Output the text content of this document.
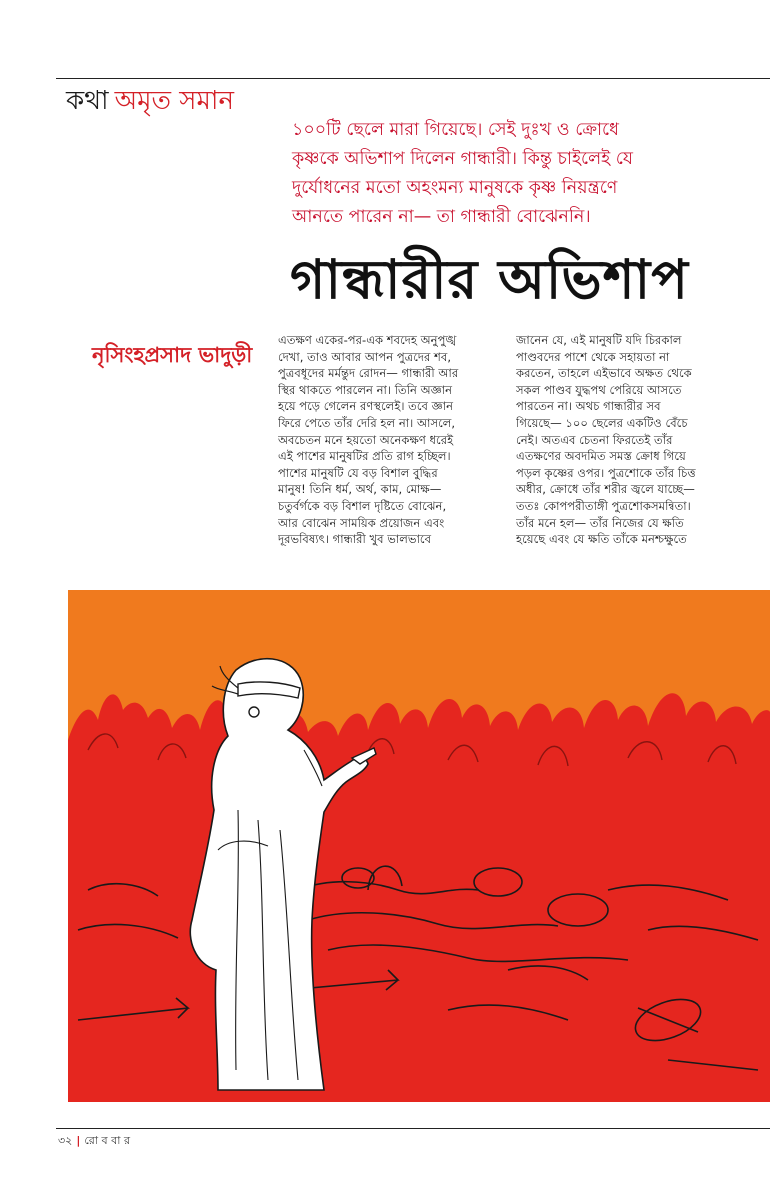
কথা অমৃত সমান

১০০টি ছেলে মারা গিয়েছে। সেই দুঃখ ও ক্রোধে

কৃষ্ণকে অভিশাপ দিলেন গান্ধারী। কিন্তু চাইলেই যে

দুর্যোধনের মতো অহংমন্য মানুষকে কৃষ্ণ নিয়ন্ত্রণে

আনতে পারেন না— তা গান্ধারী বোঝেননি।

গান্ধারীর অভিশাপ
নৃসিংহপ্রসাদ ভাদুড়ী

এতক্ষণ একের-পর-এক শবদেহ অনুপুঙ্খ

দেখা, তাও আবার আপন পুত্রদের শব,

পুত্রবধূদের মর্মন্তুদ রোদন— গান্ধারী আর

স্থির থাকতে পারলেন না। তিনি অজ্ঞান

হয়ে পড়ে গেলেন রণস্থলেই। তবে জ্ঞান

ফিরে পেতে তাঁর দেরি হল না। আসলে,

অবচেতন মনে হয়তো অনেকক্ষণ ধরেই

এই পাশের মানুষটির প্রতি রাগ হচ্ছিল।

পাশের মানুষটি যে বড় বিশাল বুদ্ধির

মানুষ! তিনি ধর্ম, অর্থ, কাম, মোক্ষ—

চতুর্বর্গকে বড় বিশাল দৃষ্টিতে বোঝেন,

আর বোঝেন সাময়িক প্রয়োজন এবং

দূরভবিষ্যৎ। গান্ধারী খুব ভালভাবে

জানেন যে, এই মানুষটি যদি চিরকাল

পাণ্ডবদের পাশে থেকে সহায়তা না

করতেন, তাহলে এইভাবে অক্ষত থেকে

সকল পাণ্ডব যুদ্ধপথ পেরিয়ে আসতে

পারতেন না। অথচ গান্ধারীর সব

গিয়েছে— ১০০ ছেলের একটিও বেঁচে

নেই। অতএব চেতনা ফিরতেই তাঁর

এতক্ষণের অবদমিত সমস্ত ক্রোধ গিয়ে

পড়ল কৃষ্ণের ওপর। পুত্রশোকে তাঁর চিত্ত

অধীর, ক্রোধে তাঁর শরীর জ্বলে যাচ্ছে—

ততঃ কোপপরীতাঙ্গী পুত্রশোকসমন্বিতা।

তাঁর মনে হল— তাঁর নিজের যে ক্ষতি

হয়েছে এবং যে ক্ষতি তাঁকে মনশ্চক্ষুতে

৩২ | রো ব বা র
